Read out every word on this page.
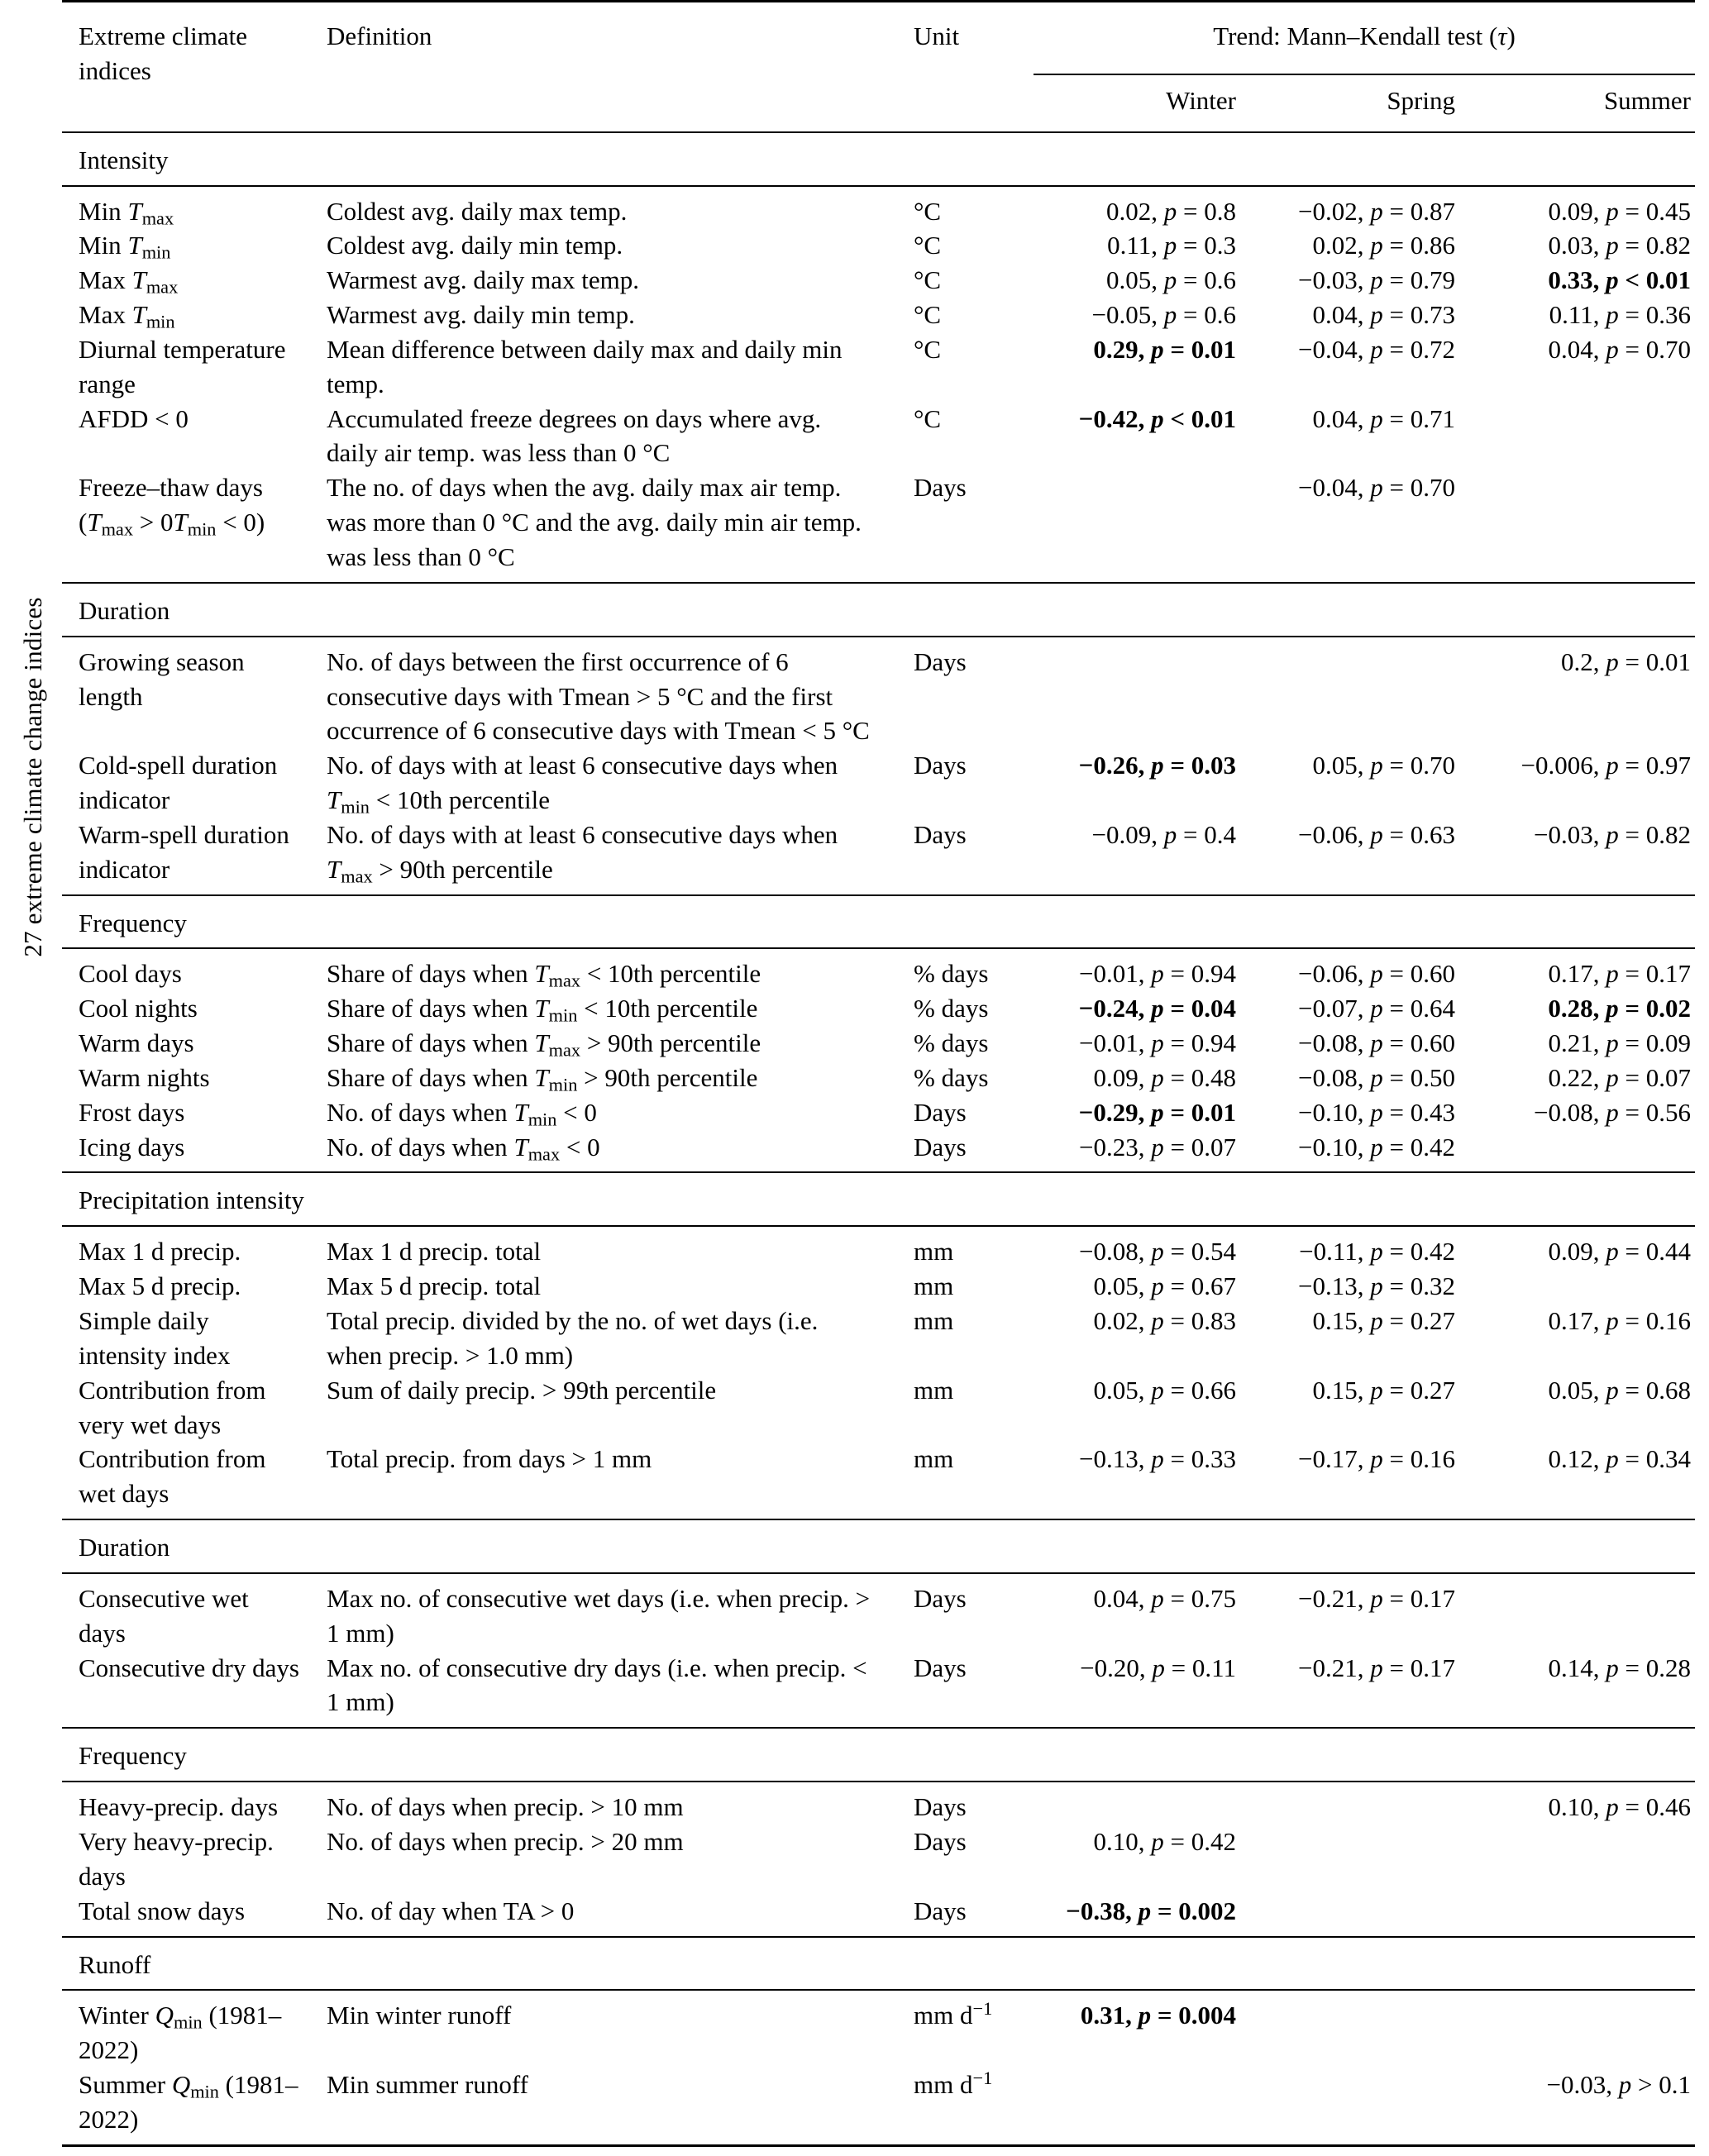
27 extreme climate change indices
Extreme climate indices	Definition	Unit	Trend: Mann–Kendall test (τ)		
			Winter	Spring	Summer
Intensity					
Min $T_{max}$	Coldest avg. daily max temp.	°C	0.02, p = 0.8	−0.02, p = 0.87	0.09, p = 0.45
Min $T_{min}$	Coldest avg. daily min temp.	°C	0.11, p = 0.3	0.02, p = 0.86	0.03, p = 0.82
Max $T_{max}$	Warmest avg. daily max temp.	°C	0.05, p = 0.6	−0.03, p = 0.79	0.33, p < 0.01
Max $T_{min}$	Warmest avg. daily min temp.	°C	−0.05, p = 0.6	0.04, p = 0.73	0.11, p = 0.36
Diurnal temperature range	Mean difference between daily max and daily min temp.	°C	0.29, p = 0.01	−0.04, p = 0.72	0.04, p = 0.70
AFDD < 0	Accumulated freeze degrees on days where avg. daily air temp. was less than 0 °C	°C	−0.42, p < 0.01	0.04, p = 0.71	
Freeze–thaw days $(T_{max} > 0T_{min} < 0)$	The no. of days when the avg. daily max air temp. was more than 0 °C and the avg. daily min air temp. was less than 0 °C	Days		−0.04, p = 0.70	
Duration					
Growing season length	No. of days between the first occurrence of 6 consecutive days with Tmean > 5 °C and the first occurrence of 6 consecutive days with Tmean < 5 °C	Days			0.2, p = 0.01
Cold-spell duration indicator	No. of days with at least 6 consecutive days when $T_{min} < 10th$ percentile	Days	−0.26, p = 0.03	0.05, p = 0.70	−0.006, p = 0.97
Warm-spell duration indicator	No. of days with at least 6 consecutive days when $T_{max} > 90th$ percentile	Days	−0.09, p = 0.4	−0.06, p = 0.63	−0.03, p = 0.82
Frequency					
Cool days	Share of days when $T_{max} < 10th$ percentile	% days	−0.01, p = 0.94	−0.06, p = 0.60	0.17, p = 0.17
Cool nights	Share of days when $T_{min} < 10th$ percentile	% days	−0.24, p = 0.04	−0.07, p = 0.64	0.28, p = 0.02
Warm days	Share of days when $T_{max} > 90th$ percentile	% days	−0.01, p = 0.94	−0.08, p = 0.60	0.21, p = 0.09
Warm nights	Share of days when $T_{min} > 90th$ percentile	% days	0.09, p = 0.48	−0.08, p = 0.50	0.22, p = 0.07
Frost days	No. of days when $T_{min} < 0$	Days	−0.29, p = 0.01	−0.10, p = 0.43	−0.08, p = 0.56
Icing days	No. of days when $T_{max} < 0$	Days	−0.23, p = 0.07	−0.10, p = 0.42	
Precipitation intensity					
Max 1 d precip.	Max 1 d precip. total	mm	−0.08, p = 0.54	−0.11, p = 0.42	0.09, p = 0.44
Max 5 d precip.	Max 5 d precip. total	mm	0.05, p = 0.67	−0.13, p = 0.32	
Simple daily intensity index	Total precip. divided by the no. of wet days (i.e. when precip. > 1.0 mm)	mm	0.02, p = 0.83	0.15, p = 0.27	0.17, p = 0.16
Contribution from very wet days	Sum of daily precip. > 99th percentile	mm	0.05, p = 0.66	0.15, p = 0.27	0.05, p = 0.68
Contribution from wet days	Total precip. from days > 1 mm	mm	−0.13, p = 0.33	−0.17, p = 0.16	0.12, p = 0.34
Duration					
Consecutive wet days	Max no. of consecutive wet days (i.e. when precip. > 1 mm)	Days	0.04, p = 0.75	−0.21, p = 0.17	
Consecutive dry days	Max no. of consecutive dry days (i.e. when precip. < 1 mm)	Days	−0.20, p = 0.11	−0.21, p = 0.17	0.14, p = 0.28
Frequency					
Heavy-precip. days	No. of days when precip. > 10 mm	Days			0.10, p = 0.46
Very heavy-precip. days	No. of days when precip. > 20 mm	Days	0.10, p = 0.42		
Total snow days	No. of day when TA > 0	Days	−0.38, p = 0.002		
Runoff					
Winter $Q_{min}$ (1981–2022)	Min winter runoff	mm $d^{-1}$	0.31, p = 0.004		
Summer $Q_{min}$ (1981–2022)	Min summer runoff	mm $d^{-1}$			−0.03, p > 0.1
